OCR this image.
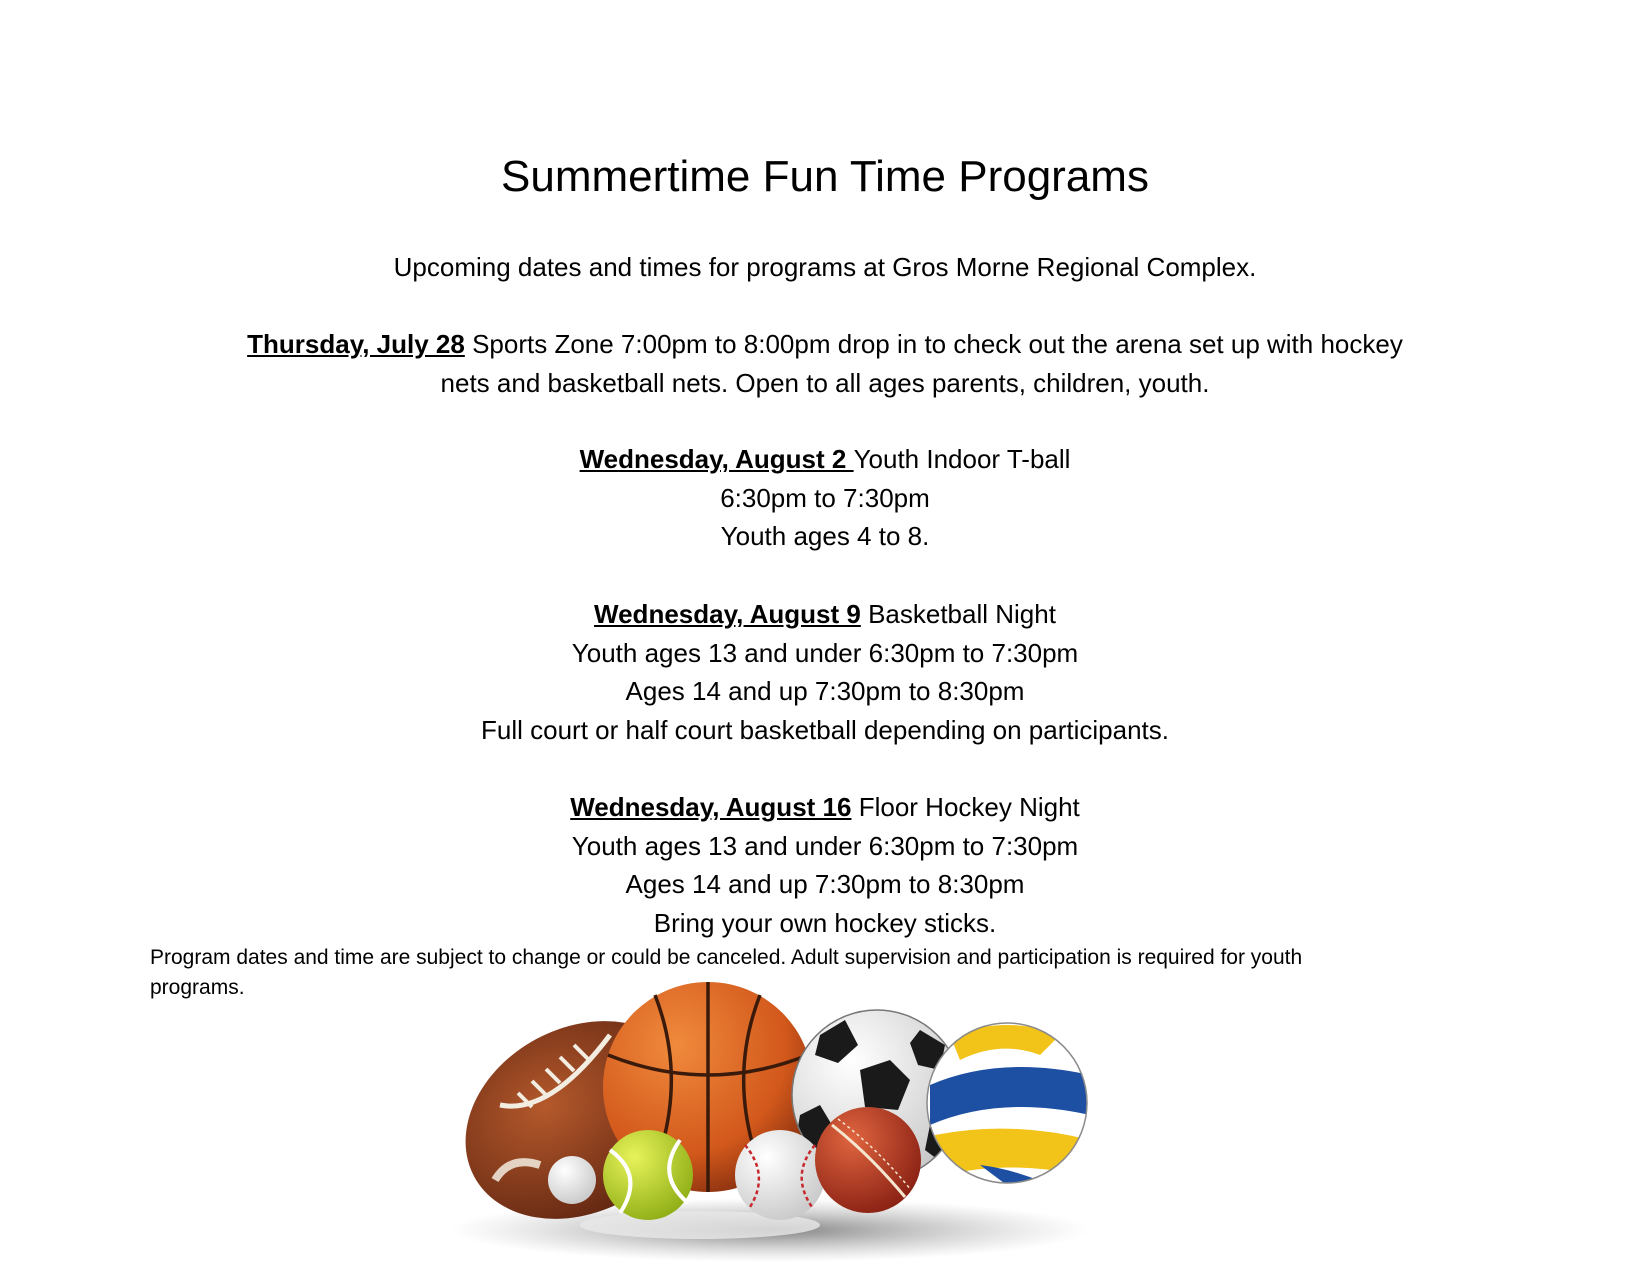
Summertime Fun Time Programs
Upcoming dates and times for programs at Gros Morne Regional Complex.
Thursday, July 28 Sports Zone 7:00pm to 8:00pm drop in to check out the arena set up with hockey
nets and basketball nets. Open to all ages parents, children, youth.
Wednesday, August 2 Youth Indoor T-ball
6:30pm to 7:30pm
Youth ages 4 to 8.
Wednesday, August 9 Basketball Night
Youth ages 13 and under 6:30pm to 7:30pm
Ages 14 and up 7:30pm to 8:30pm
Full court or half court basketball depending on participants.
Wednesday, August 16 Floor Hockey Night
Youth ages 13 and under 6:30pm to 7:30pm
Ages 14 and up 7:30pm to 8:30pm
Bring your own hockey sticks.
Program dates and time are subject to change or could be canceled. Adult supervision and participation is required for youth
programs.
